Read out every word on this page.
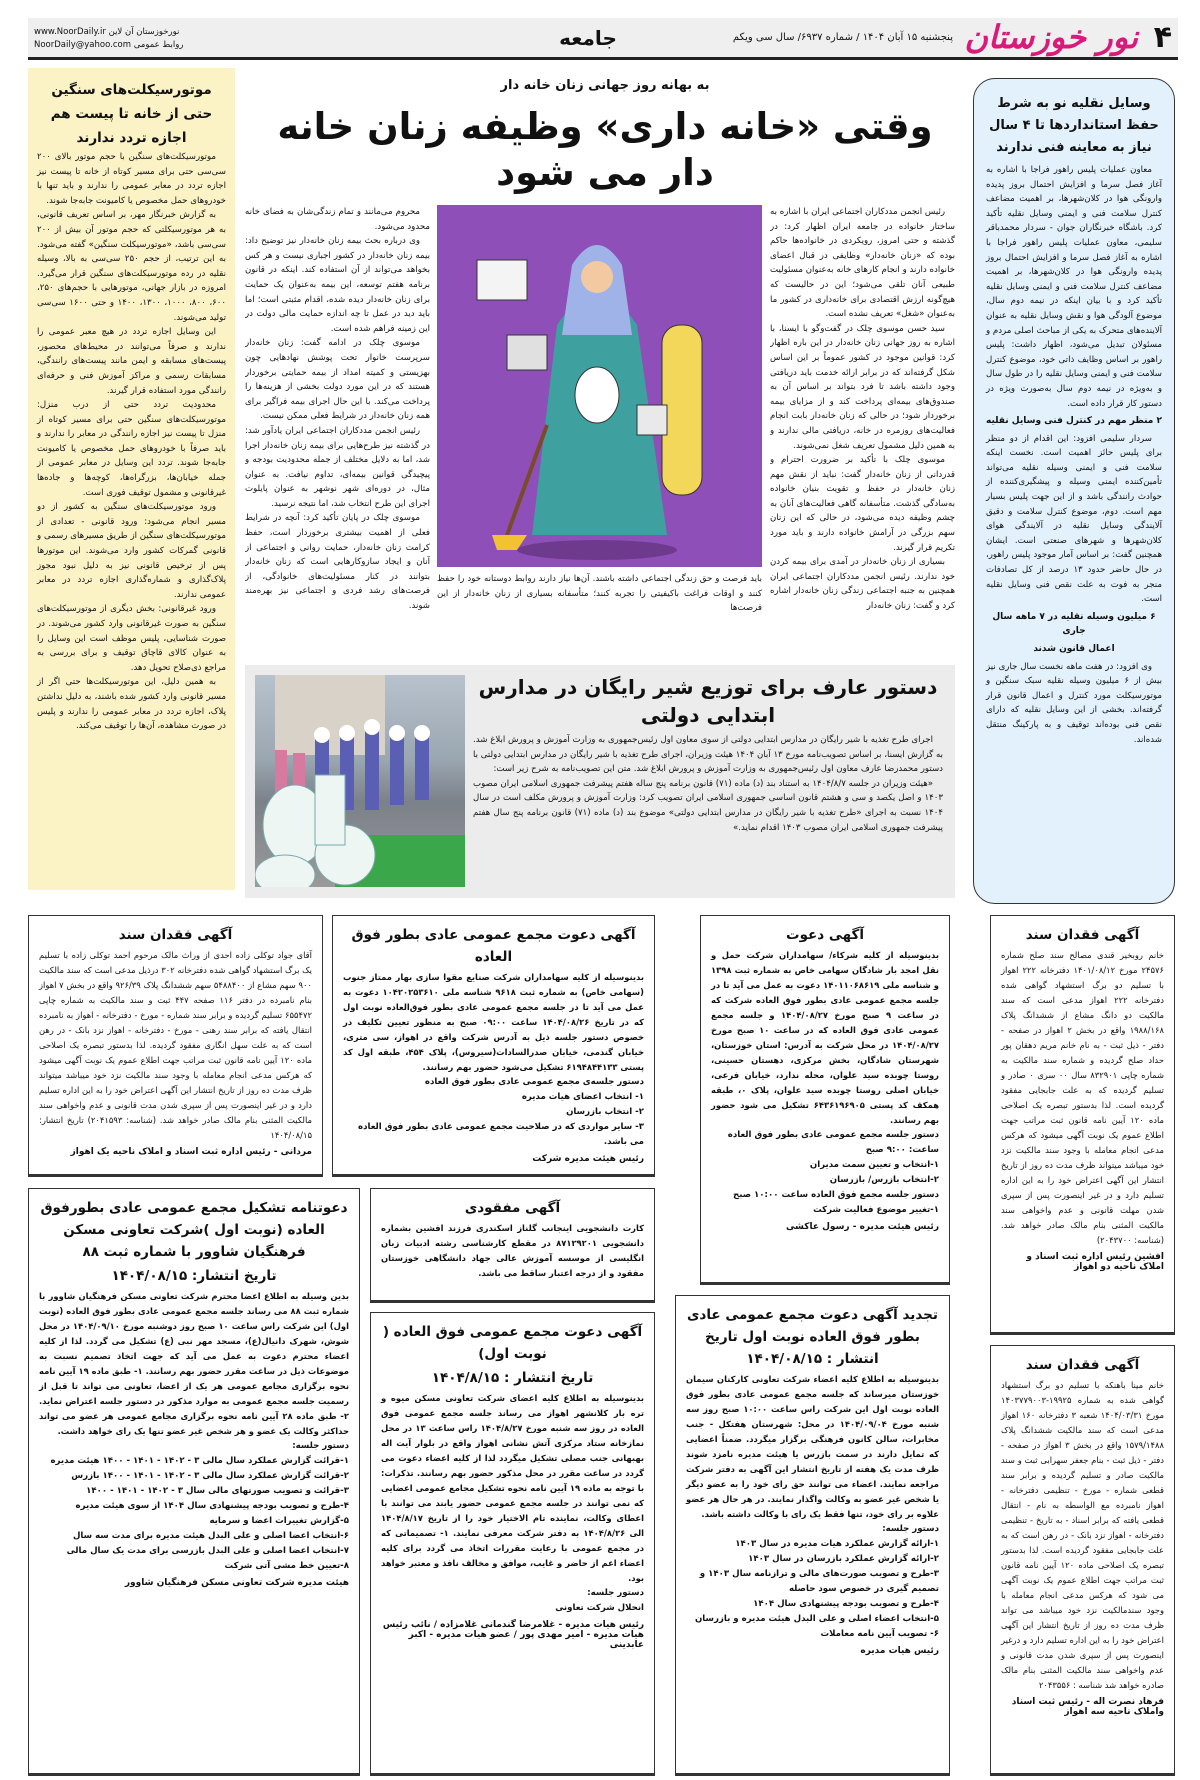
۴
نور خوزستان
پنجشنبه ۱۵ آبان ۱۴۰۴ / شماره ۶۹۳۷/ سال سی ویکم
جامعه
www.NoorDaily.ir نورخوزستان آن لاین
NoorDaily@yahoo.com روابط عمومی
وسایل نقلیه نو به شرط حفظ استانداردها تا ۴ سال نیاز به معاینه فنی ندارند

معاون عملیات پلیس راهور فراجا با اشاره به آغاز فصل سرما و افزایش احتمال بروز پدیده وارونگی هوا در کلان‌شهرها، بر اهمیت مضاعف کنترل سلامت فنی و ایمنی وسایل نقلیه تأکید کرد. باشگاه خبرنگاران جوان - سردار محمدباقر سلیمی، معاون عملیات پلیس راهور فراجا با اشاره به آغاز فصل سرما و افزایش احتمال بروز پدیده وارونگی هوا در کلان‌شهرها، بر اهمیت مضاعف کنترل سلامت فنی و ایمنی وسایل نقلیه تأکید کرد و با بیان اینکه در نیمه دوم سال، موضوع آلودگی هوا و نقش وسایل نقلیه به عنوان آلاینده‌های متحرک به یکی از مباحث اصلی مردم و مسئولان تبدیل می‌شود، اظهار داشت: پلیس راهور بر اساس وظایف ذاتی خود، موضوع کنترل سلامت فنی و ایمنی وسایل نقلیه را در طول سال و به‌ویژه در نیمه دوم سال به‌صورت ویژه در دستور کار قرار داده است.

۲ منظر مهم در کنترل فنی وسایل نقلیه

سردار سلیمی افزود: این اقدام از دو منظر برای پلیس حائز اهمیت است. نخست اینکه سلامت فنی و ایمنی وسیله نقلیه می‌تواند تأمین‌کننده ایمنی وسیله و پیشگیری‌کننده از حوادث رانندگی باشد و از این جهت پلیس بسیار مهم است. دوم، موضوع کنترل سلامت و دقیق آلایندگی وسایل نقلیه در آلایندگی هوای کلان‌شهرها و شهرهای صنعتی است. ایشان همچنین گفت: بر اساس آمار موجود پلیس راهور، در حال حاضر حدود ۱۳ درصد از کل تصادفات منجر به فوت به علت نقص فنی وسایل نقلیه است.

۶ میلیون وسیله نقلیه در ۷ ماهه سال جاری
اعمال قانون شدند

وی افزود: در هفت ماهه نخست سال جاری نیز بیش از ۶ میلیون وسیله نقلیه سبک سنگین و موتورسیکلت مورد کنترل و اعمال قانون قرار گرفته‌اند. بخشی از این وسایل نقلیه که دارای نقص فنی بوده‌اند توقیف و به پارکینگ منتقل شده‌اند.

موتورسیکلت‌های سنگین حتی از خانه تا پیست هم اجازه تردد ندارند

موتورسیکلت‌های سنگین با حجم موتور بالای ۲۰۰ سی‌سی حتی برای مسیر کوتاه از خانه تا پیست نیز اجازه تردد در معابر عمومی را ندارند و باید تنها با خودروهای حمل مخصوص یا کامیونت جابه‌جا شوند.

به گزارش خبرنگار مهر، بر اساس تعریف قانونی، به هر موتورسیکلتی که حجم موتور آن بیش از ۲۰۰ سی‌سی باشد، «موتورسیکلت سنگین» گفته می‌شود. به این ترتیب، از حجم ۲۵۰ سی‌سی به بالا، وسیله نقلیه در رده موتورسیکلت‌های سنگین قرار می‌گیرد. امروزه در بازار جهانی، موتورهایی با حجم‌های ۲۵۰، ۶۰۰، ۸۰۰، ۱۰۰۰، ۱۳۰۰، ۱۴۰۰ و حتی ۱۶۰۰ سی‌سی تولید می‌شوند.

این وسایل اجازه تردد در هیچ معبر عمومی را ندارند و صرفاً می‌توانند در محیط‌های محصور، پیست‌های مسابقه و ایمن مانند پیست‌های رانندگی، مسابقات رسمی و مراکز آموزش فنی و حرفه‌ای رانندگی مورد استفاده قرار گیرند.

محدودیت تردد حتی از درب منزل: موتورسیکلت‌های سنگین حتی برای مسیر کوتاه از منزل تا پیست نیز اجازه رانندگی در معابر را ندارند و باید صرفاً با خودروهای حمل مخصوص یا کامیونت جابه‌جا شوند. تردد این وسایل در معابر عمومی از جمله خیابان‌ها، بزرگراه‌ها، کوچه‌ها و جاده‌ها غیرقانونی و مشمول توقیف فوری است.

ورود موتورسیکلت‌های سنگین به کشور از دو مسیر انجام می‌شود: ورود قانونی - تعدادی از موتورسیکلت‌های سنگین از طریق مسیرهای رسمی و قانونی گمرکات کشور وارد می‌شوند. این موتورها پس از ترخیص قانونی نیز به دلیل نبود مجوز پلاک‌گذاری و شماره‌گذاری اجازه تردد در معابر عمومی ندارند.

ورود غیرقانونی: بخش دیگری از موتورسیکلت‌های سنگین به صورت غیرقانونی وارد کشور می‌شوند. در صورت شناسایی، پلیس موظف است این وسایل را به عنوان کالای قاچاق توقیف و برای بررسی به مراجع ذی‌صلاح تحویل دهد.

به همین دلیل، این موتورسیکلت‌ها حتی اگر از مسیر قانونی وارد کشور شده باشند، به دلیل نداشتن پلاک، اجازه تردد در معابر عمومی را ندارند و پلیس در صورت مشاهده، آن‌ها را توقیف می‌کند.

به بهانه روز جهانی زنان خانه دار
وقتی «خانه داری» وظیفه زنان خانه دار می شود

رئیس انجمن مددکاران اجتماعی ایران با اشاره به ساختار خانواده در جامعه ایران اظهار کرد: در گذشته و حتی امروز، رویکردی در خانواده‌ها حاکم بوده که «زنان خانه‌دار» وظایفی در قبال اعضای خانواده دارند و انجام کارهای خانه به‌عنوان مسئولیت طبیعی آنان تلقی می‌شود؛ این در حالیست که هیچ‌گونه ارزش اقتصادی برای خانه‌داری در کشور ما به‌عنوان «شغل» تعریف نشده است.

سید حسن موسوی چلک در گفت‌وگو با ایسنا، با اشاره به روز جهانی زنان خانه‌دار در این باره اظهار کرد: قوانین موجود در کشور عموماً بر این اساس شکل گرفته‌اند که در برابر ارائه خدمت باید دریافتی وجود داشته باشد تا فرد بتواند بر اساس آن به صندوق‌های بیمه‌ای پرداخت کند و از مزایای بیمه برخوردار شود؛ در حالی که زنان خانه‌دار بابت انجام فعالیت‌های روزمره در خانه، دریافتی مالی ندارند و به همین دلیل مشمول تعریف شغل نمی‌شوند.

موسوی چلک با تأکید بر ضرورت احترام و قدردانی از زنان خانه‌دار گفت: نباید از نقش مهم زنان خانه‌دار در حفظ و تقویت بنیان خانواده به‌سادگی گذشت. متأسفانه گاهی فعالیت‌های آنان به چشم وظیفه دیده می‌شود، در حالی که این زنان سهم بزرگی در آرامش خانواده دارند و باید مورد تکریم قرار گیرند.

بسیاری از زنان خانه‌دار در آمدی برای بیمه کردن خود ندارند. رئیس انجمن مددکاران اجتماعی ایران همچنین به جنبه اجتماعی زندگی زنان خانه‌دار اشاره کرد و گفت: زنان خانه‌دار

محروم می‌مانند و تمام زندگی‌شان به فضای خانه محدود می‌شود.

وی درباره بحث بیمه زنان خانه‌دار نیز توضیح داد: بیمه زنان خانه‌دار در کشور اجباری نیست و هر کس بخواهد می‌تواند از آن استفاده کند. اینکه در قانون برنامه هفتم توسعه، این بیمه به‌عنوان یک حمایت برای زنان خانه‌دار دیده شده، اقدام مثبتی است؛ اما باید دید در عمل تا چه اندازه حمایت مالی دولت در این زمینه فراهم شده است.

موسوی چلک در ادامه گفت: زنان خانه‌دار سرپرست خانوار تحت پوشش نهادهایی چون بهزیستی و کمیته امداد از بیمه حمایتی برخوردار هستند که در این مورد دولت بخشی از هزینه‌ها را پرداخت می‌کند. با این حال اجرای بیمه فراگیر برای همه زنان خانه‌دار در شرایط فعلی ممکن نیست.

رئیس انجمن مددکاران اجتماعی ایران یادآور شد: در گذشته نیز طرح‌هایی برای بیمه زنان خانه‌دار اجرا شد، اما به دلایل مختلف از جمله محدودیت بودجه و پیچیدگی قوانین بیمه‌ای، تداوم نیافت. به عنوان مثال، در دوره‌ای شهر نوشهر به عنوان پایلوت اجرای این طرح انتخاب شد، اما نتیجه نرسید.

موسوی چلک در پایان تأکید کرد: آنچه در شرایط فعلی از اهمیت بیشتری برخوردار است، حفظ کرامت زنان خانه‌دار، حمایت روانی و اجتماعی از آنان و ایجاد سازوکارهایی است که زنان خانه‌دار بتوانند در کنار مسئولیت‌های خانوادگی، از فرصت‌های رشد فردی و اجتماعی نیز بهره‌مند شوند.

باید فرصت و حق زندگی اجتماعی داشته باشند. آن‌ها نیاز دارند روابط دوستانه خود را حفظ کنند و اوقات فراغت باکیفیتی را تجربه کنند؛ متأسفانه بسیاری از زنان خانه‌دار از این فرصت‌ها
دستور عارف برای توزیع شیر رایگان در مدارس ابتدایی دولتی

اجرای طرح تغذیه با شیر رایگان در مدارس ابتدایی دولتی از سوی معاون اول رئیس‌جمهوری به وزارت آموزش و پرورش ابلاغ شد. به گزارش ایسنا، بر اساس تصویب‌نامه مورخ ۱۳ آبان ۱۴۰۴ هیئت وزیران، اجرای طرح تغذیه با شیر رایگان در مدارس ابتدایی دولتی با دستور محمدرضا عارف معاون اول رئیس‌جمهوری به وزارت آموزش و پرورش ابلاغ شد. متن این تصویب‌نامه به شرح زیر است:

«هیئت وزیران در جلسه ۱۴۰۴/۸/۷ به استناد بند (د) ماده (۷۱) قانون برنامه پنج ساله هفتم پیشرفت جمهوری اسلامی ایران مصوب ۱۴۰۳ و اصل یکصد و سی و هشتم قانون اساسی جمهوری اسلامی ایران تصویب کرد: وزارت آموزش و پرورش مکلف است در سال ۱۴۰۴ نسبت به اجرای «طرح تغذیه با شیر رایگان در مدارس ابتدایی دولتی» موضوع بند (د) ماده (۷۱) قانون برنامه پنج سال هفتم پیشرفت جمهوری اسلامی ایران مصوب ۱۴۰۳ اقدام نماید.»

آگهی فقدان سند
خانم روبخیر قندی مصالح سند صلح شماره ۲۴۵۷۶ مورخ ۱۴۰۱/۰۸/۱۲ دفترخانه ۲۲۲ اهواز با تسلیم دو برگ استشهاد گواهی شده دفترخانه ۲۲۲ اهواز مدعی است که سند مالکیت دو دانگ مشاع از ششدانگ پلاک ۱۹۸۸/۱۶۸ واقع در بخش ۲ اهواز در صفحه - دفتر - ذیل ثبت - به نام خانم مریم دهقان پور حداد صلح گردیده و شماره سند مالکیت به شماره چاپی ۸۳۲۹۰۱ سال ۰۰ سری ۰ صادر و تسلیم گردیده که به علت جابجایی مفقود گردیده است. لذا بدستور تبصره یک اصلاحی ماده ۱۲۰ آیین نامه قانون ثبت مراتب جهت اطلاع عموم یک نوبت آگهی میشود که هرکس مدعی انجام معامله با وجود سند مالکیت نزد خود میباشد میتواند ظرف مدت ده روز از تاریخ انتشار این آگهی اعتراض خود را به این اداره تسلیم دارد و در غیر اینصورت پس از سپری شدن مهلت قانونی و عدم واخواهی سند مالکیت المثنی بنام مالک صادر خواهد شد. (شناسه: ۲۰۴۳۷۰۰)
افشین رئیس اداره ثبت اسناد و املاک ناحیه دو اهواز
آگهی دعوت
بدینوسیله از کلیه شرکاء/ سهامداران شرکت حمل و نقل امجد بار شادگان سهامی خاص به شماره ثبت ۱۳۹۸ و شناسه ملی ۱۴۰۱۱۰۶۸۶۱۹ دعوت به عمل می آید تا در جلسه مجمع عمومی عادی بطور فوق العاده شرکت که در ساعت ۹ صبح مورخ ۱۴۰۴/۰۸/۲۷ و جلسه مجمع عمومی عادی فوق العاده که در ساعت ۱۰ صبح مورخ ۱۴۰۴/۰۸/۲۷ در محل شرکت به آدرس: استان خوزستان، شهرستان شادگان، بخش مرکزی، دهستان حسینی، روستا چوبده سید علوان، محله ندارد، خیابان فرعی، خیابان اصلی روستا چوبده سید علوان، پلاک ۰، طبقه همکف کد پستی ۶۴۳۶۱۹۶۹۰۵ تشکیل می شود حضور بهم رسانند.
دستور جلسه مجمع عمومی عادی بطور فوق العاده ساعت: ۹:۰۰ صبح
۱-انتخاب و تعیین سمت مدیران
۲-انتخاب بازرس/ بازرسان
دستور جلسه مجمع فوق العاده ساعت ۱۰:۰۰ صبح
۱-تغییر موضوع فعالیت شرکت
رئیس هیئت مدیره - رسول عاکشی
آگهی دعوت مجمع عمومی عادی بطور فوق العاده
بدینوسیله از کلیه سهامداران شرکت صنایع مقوا سازی بهار ممتاز جنوب (سهامی خاص) به شماره ثبت ۹۶۱۸ شناسه ملی ۱۰۴۲۰۲۵۳۶۱۰ دعوت به عمل می آید تا در جلسه مجمع عمومی عادی بطور فوق‌العاده نوبت اول که در تاریخ ۱۴۰۴/۰۸/۲۶ ساعت ۰۹:۰۰ صبح به منظور تعیین تکلیف در خصوص دستور جلسه ذیل به آدرس شرکت واقع در اهواز، سی متری، خیابان گندمی، خیابان صدرالسادات(سیروس)، پلاک ۴۵۴، طبقه اول کد پستی ۶۱۹۴۸۴۴۱۳۳ تشکیل می‌شود حضور بهم رسانند.
دستور جلسه‌ی مجمع عمومی عادی بطور فوق العاده
۱- انتخاب اعضای هیات مدیره
۲- انتخاب بازرسان
۳- سایر مواردی که در صلاحیت مجمع عمومی عادی بطور فوق العاده می باشد.
رئیس هیئت مدیره شرکت
آگهی فقدان سند
آقای جواد توکلی زاده احدی از وراث مالک مرحوم احمد توکلی زاده با تسلیم یک برگ استشهاد گواهی شده دفترخانه ۳۰۲ درذیل مدعی است که سند مالکیت ۹۰۰ سهم مشاع از ۵۴۸۸۴۰۰ سهم ششدانگ پلاک ۹۲۶/۳۹ واقع در بخش ۷ اهواز بنام نامبرده در دفتر ۱۱۶ صفحه ۴۴۷ ثبت و سند مالکیت به شماره چاپی ۶۵۵۴۷۲ تسلیم گردیده و برابر سند شماره - مورخ - دفترخانه - اهواز به نامبرده انتقال یافته که برابر سند رهنی - مورخ - دفترخانه - اهواز نزد بانک - در رهن است که به علت سهل انگاری مفقود گردیده. لذا بدستور تبصره یک اصلاحی ماده ۱۲۰ آیین نامه قانون ثبت مراتب جهت اطلاع عموم یک نوبت آگهی میشود که هرکس مدعی انجام معامله با وجود سند مالکیت نزد خود میباشد میتواند ظرف مدت ده روز از تاریخ انتشار این آگهی اعتراض خود را به این اداره تسلیم دارد و در غیر اینصورت پس از سپری شدن مدت قانونی و عدم واخواهی سند مالکیت المثنی بنام مالک صادر خواهد شد. (شناسه: ۲۰۴۱۵۹۳) تاریخ انتشار: ۱۴۰۴/۰۸/۱۵
مردانی - رئیس اداره ثبت اسناد و املاک ناحیه یک اهواز
دعوتنامه تشکیل مجمع عمومی عادی بطورفوق العاده (نوبت اول )شرکت تعاونی مسکن فرهنگیان شاوور با شماره ثبت ۸۸
تاریخ انتشار: ۱۴۰۴/۰۸/۱۵
بدین وسیله به اطلاع اعضا محترم شرکت تعاونی مسکن فرهنگیان شاوور با شماره ثبت ۸۸ می رساند جلسه مجمع عمومی عادی بطور فوق العاده (نوبت اول) این شرکت راس ساعت ۱۰ صبح روز دوشنبه مورخ ۱۴۰۴/۰۹/۱۰ در محل شوش، شهرک دانیال(ع)، مسجد مهر نبی (ع) تشکیل می گردد. لذا از کلیه اعضاء محترم دعوت به عمل می آید که جهت اتخاذ تصمیم نسبت به موضوعات ذیل در ساعت مقرر حضور بهم رسانند. ۱- طبق ماده ۱۹ آیین نامه نحوه برگزاری مجامع عمومی هر یک از اعضا، تعاونی می تواند تا قبل از رسمیت جلسه مجمع عمومی به موارد مذکور در دستور جلسه اعتراض نماید. ۲- طبق ماده ۲۸ آیین نامه نحوه برگزاری مجامع عمومی هر عضو می تواند حداکثر وکالت یک عضو و هر شخص غیر عضو تنها یک رای خواهد داشت.
دستور جلسه:
۱-قرائت گزارش عملکرد سال مالی ۳ - ۱۴۰۲ - ۱۴۰۱ - ۱۴۰۰ هیئت مدیره
۲-قرائت گزارش عملکرد سال مالی ۳ - ۱۴۰۲ - ۱۴۰۱ - ۱۴۰۰ بازرس
۳-قرائت و تصویب صورتهای مالی سال ۳ - ۱۴۰۲ - ۱۴۰۱ - ۱۴۰۰
۴-طرح و تصویب بودجه پیشنهادی سال ۱۴۰۴ از سوی هیئت مدیره
۵-گزارش تغییرات اعضا و سرمایه
۶-انتخاب اعضا اصلی و علی البدل هیئت مدیره برای مدت سه سال
۷-انتخاب اعضا اصلی و علی البدل بازرسی برای مدت یک سال مالی
۸-تعیین خط مشی آتی شرکت
هیئت مدیره شرکت تعاونی مسکن فرهنگیان شاوور
آگهی مفقودی
کارت دانشجویی اینجانب گلناز اسکندری فرزند افشین بشماره دانشجویی ۸۷۱۲۹۲۰۱ در مقطع کارشناسی رشته ادبیات زبان انگلیسی از موسسه آموزش عالی جهاد دانشگاهی خوزستان مفقود و از درجه اعتبار ساقط می باشد.
آگهی دعوت مجمع عمومی فوق العاده ( نوبت اول)
تاریخ انتشار : ۱۴۰۴/۸/۱۵
بدینوسیله به اطلاع کلیه اعضای شرکت تعاونی مسکن میوه و تره بار کلانشهر اهواز می رساند جلسه مجمع عمومی فوق العاده در روز سه شنبه مورخ ۱۴۰۴/۸/۲۷ راس ساعت ۱۳ در محل نمازخانه ستاد مرکزی آتش نشانی اهواز واقع در بلوار آیت اله بهبهانی جنب مصلی تشکیل میگردد لذا از کلیه اعضاء دعوت می گردد در ساعت مقرر در محل مذکور حضور بهم رسانند. تذکرات: با توجه به ماده ۱۹ آیین نامه نحوه تشکیل مجامع عمومی اعضایی که نمی توانند در جلسه مجمع عمومی حضور یابند می توانند با اعطای وکالت، نماینده تام الاختیار خود را از تاریخ ۱۴۰۴/۸/۱۷ الی ۱۴۰۴/۸/۲۶ به دفتر شرکت معرفی نمایند. ۱- تصمیماتی که در مجمع عمومی با رعایت مقررات اتخاذ می گردد برای کلیه اعضاء اعم از حاضر و غایب، موافق و مخالف نافذ و معتبر خواهد بود.
دستور جلسه:
انحلال شرکت تعاونی
رئیس هیات مدیره - غلامرضا گندمانی غلامزاده / نائب رئیس هیات مدیره - امیر مهدی پور / عضو هیات مدیره - اکبر عابدینی
تجدید آگهی دعوت مجمع عمومی عادی بطور فوق العاده نوبت اول تاریخ انتشار : ۱۴۰۴/۰۸/۱۵
بدینوسیله به اطلاع کلیه اعضاء شرکت تعاونی کارکنان سیمان خوزستان میرساند که جلسه مجمع عمومی عادی بطور فوق العاده نوبت اول این شرکت راس ساعت ۱۰:۰۰ صبح روز سه شنبه مورخ ۱۴۰۴/۰۹/۰۴ در محل: شهرستان هفتکل - جنب مخابرات، سالن کانون فرهنگی برگزار میگردد. ضمناً اعضایی که تمایل دارند در سمت بازرس یا هیئت مدیره نامزد شوند ظرف مدت یک هفته از تاریخ انتشار این آگهی به دفتر شرکت مراجعه نمایند. اعضاء می توانند حق رای خود را به عضو دیگر یا شخص غیر عضو به وکالت واگذار نمایند. در هر حال هر عضو علاوه بر رای خود، تنها فقط یک رای با وکالت داشته باشد.
دستور جلسه:
۱-ارائه گزارش عملکرد هیات مدیره در سال ۱۴۰۳
۲-ارائه گزارش عملکرد بازرسان در سال ۱۴۰۳
۳-طرح و تصویب صورت‌های مالی و ترازنامه سال ۱۴۰۳ و تصمیم گیری در خصوص سود حاصله
۴-طرح و تصویب بودجه پیشنهادی سال ۱۴۰۴
۵-انتخاب اعضاء اصلی و علی البدل هیئت مدیره و بازرسان
۶- تصویب آیین نامه معاملات
رئیس هیات مدیره
آگهی فقدان سند
خانم مینا باهنکه با تسلیم دو برگ استشهاد گواهی شده به شماره ۱۹۹۲۵-۱۴۰۳۷۷۹۰۰۳ مورخ ۱۴۰۴/۰۳/۳۱ شعبه ۳ دفترخانه ۱۶۰ اهواز مدعی است که سند مالکیت ششدانگ پلاک ۱۵۷۹/۱۴۸۸ واقع در بخش ۳ اهواز در صفحه - دفتر - ذیل ثبت - بنام جعفر سهرابی ثبت و سند مالکیت صادر و تسلیم گردیده و برابر سند قطعی شماره - مورخ - تنظیمی دفترخانه - اهواز نامبرده مع الواسطه به نام - انتقال قطعی یافته که برابر اسناد - به تاریخ - تنظیمی دفترخانه - اهواز نزد بانک - در رهن است که به علت جابجایی مفقود گردیده است. لذا بدستور تبصره یک اصلاحی ماده ۱۲۰ آیین نامه قانون ثبت مراتب جهت اطلاع عموم یک نوبت آگهی می شود که هرکس مدعی انجام معامله با وجود سندمالکیت نزد خود میباشد می تواند ظرف مدت ده روز از تاریخ انتشار این آگهی اعتراض خود را به این اداره تسلیم دارد و درغیر اینصورت پس از سپری شدن مدت قانونی و عدم واخواهی سند مالکیت المثنی بنام مالک صادره خواهد شد شناسه : ۲۰۴۳۵۵۶
فرهاد نصرت اله - رئیس ثبت اسناد واملاک ناحیه سه اهواز
